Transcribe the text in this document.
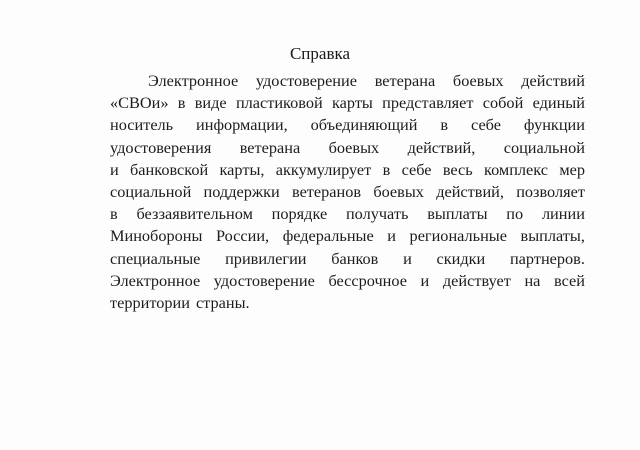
Справка
Электронное удостоверение ветерана боевых действий
«СВОи» в виде пластиковой карты представляет собой единый
носитель информации, объединяющий в себе функции
удостоверения ветерана боевых действий, социальной
и банковской карты, аккумулирует в себе весь комплекс мер
социальной поддержки ветеранов боевых действий, позволяет
в беззаявительном порядке получать выплаты по линии
Минобороны России, федеральные и региональные выплаты,
специальные привилегии банков и скидки партнеров.
Электронное удостоверение бессрочное и действует на всей
территории страны.
